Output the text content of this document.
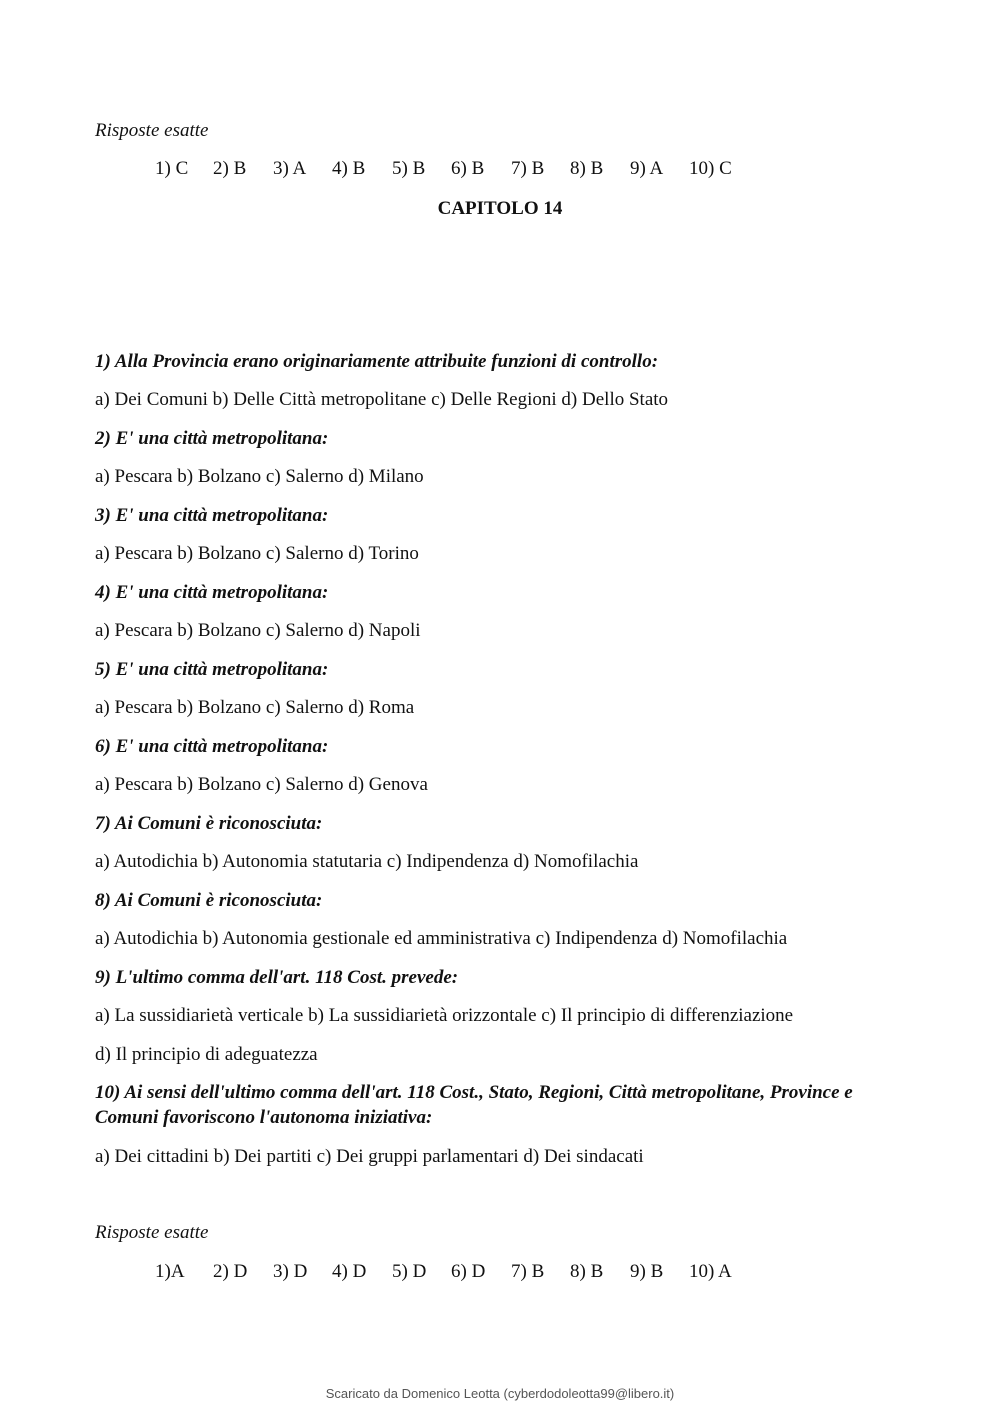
Risposte esatte
1) C 2) B 3) A 4) B 5) B 6) B 7) B 8) B 9) A 10) C
CAPITOLO 14
1) Alla Provincia erano originariamente attribuite funzioni di controllo:
a) Dei Comuni b) Delle Città metropolitane c) Delle Regioni d) Dello Stato
2) E' una città metropolitana:
a) Pescara b) Bolzano c) Salerno d) Milano
3) E' una città metropolitana:
a) Pescara b) Bolzano c) Salerno d) Torino
4) E' una città metropolitana:
a) Pescara b) Bolzano c) Salerno d) Napoli
5) E' una città metropolitana:
a) Pescara b) Bolzano c) Salerno d) Roma
6) E' una città metropolitana:
a) Pescara b) Bolzano c) Salerno d) Genova
7) Ai Comuni è riconosciuta:
a) Autodichia b) Autonomia statutaria c) Indipendenza d) Nomofilachia
8) Ai Comuni è riconosciuta:
a) Autodichia b) Autonomia gestionale ed amministrativa c) Indipendenza d) Nomofilachia
9) L'ultimo comma dell'art. 118 Cost. prevede:
a) La sussidiarietà verticale b) La sussidiarietà orizzontale c) Il principio di differenziazione
d) Il principio di adeguatezza
10) Ai sensi dell'ultimo comma dell'art. 118 Cost., Stato, Regioni, Città metropolitane, Province e
Comuni favoriscono l'autonoma iniziativa:
a) Dei cittadini b) Dei partiti c) Dei gruppi parlamentari d) Dei sindacati
Risposte esatte
1)A 2) D 3) D 4) D 5) D 6) D 7) B 8) B 9) B 10) A
Scaricato da Domenico Leotta (cyberdodoleotta99@libero.it)
